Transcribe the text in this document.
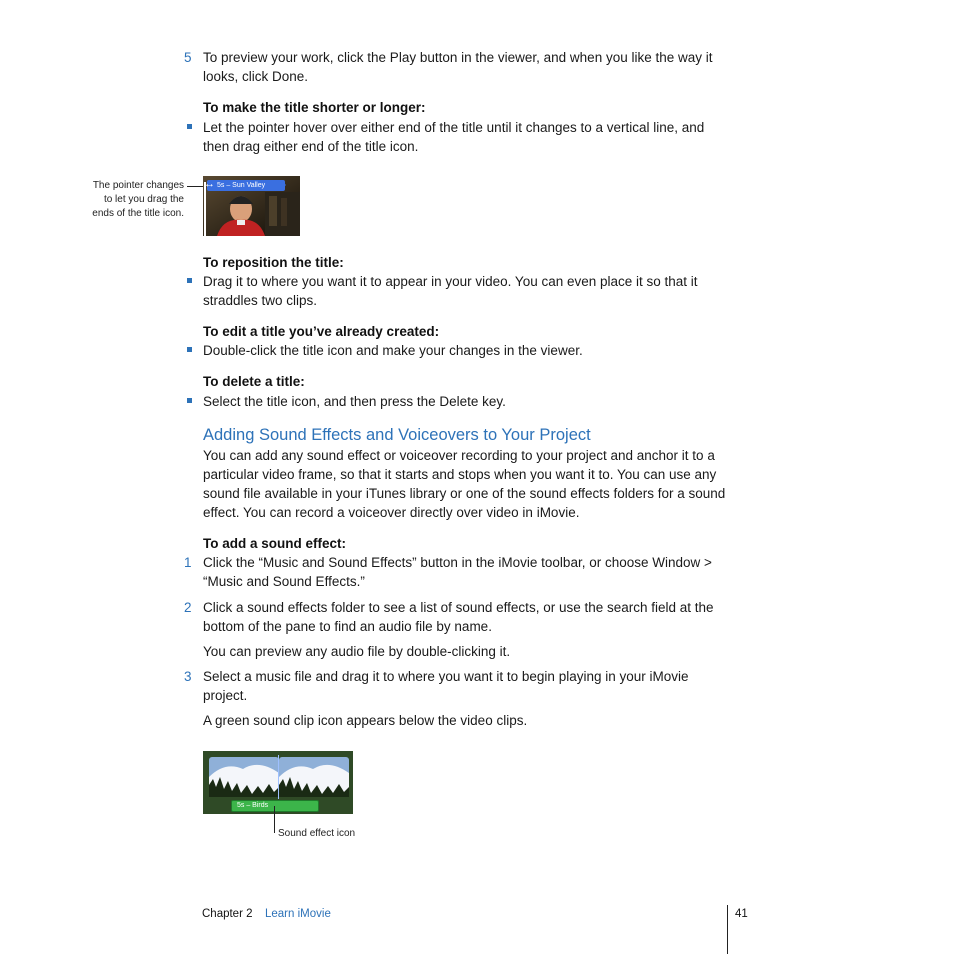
5 To preview your work, click the Play button in the viewer, and when you like the way it
looks, click Done.
To make the title shorter or longer:
Let the pointer hover over either end of the title until it changes to a vertical line, and
then drag either end of the title icon.
The pointer changes
to let you drag the
ends of the title icon.
5s – Sun Valley
↔
To reposition the title:
Drag it to where you want it to appear in your video. You can even place it so that it
straddles two clips.
To edit a title you’ve already created:
Double-click the title icon and make your changes in the viewer.
To delete a title:
Select the title icon, and then press the Delete key.
Adding Sound Effects and Voiceovers to Your Project
You can add any sound effect or voiceover recording to your project and anchor it to a
particular video frame, so that it starts and stops when you want it to. You can use any
sound file available in your iTunes library or one of the sound effects folders for a sound
effect. You can record a voiceover directly over video in iMovie.
To add a sound effect:
1 Click the “Music and Sound Effects” button in the iMovie toolbar, or choose Window >
“Music and Sound Effects.”
2 Click a sound effects folder to see a list of sound effects, or use the search field at the
bottom of the pane to find an audio file by name.
You can preview any audio file by double-clicking it.
3 Select a music file and drag it to where you want it to begin playing in your iMovie
project.
A green sound clip icon appears below the video clips.
5s – Birds
Sound effect icon
Chapter 2 Learn iMovie	41
